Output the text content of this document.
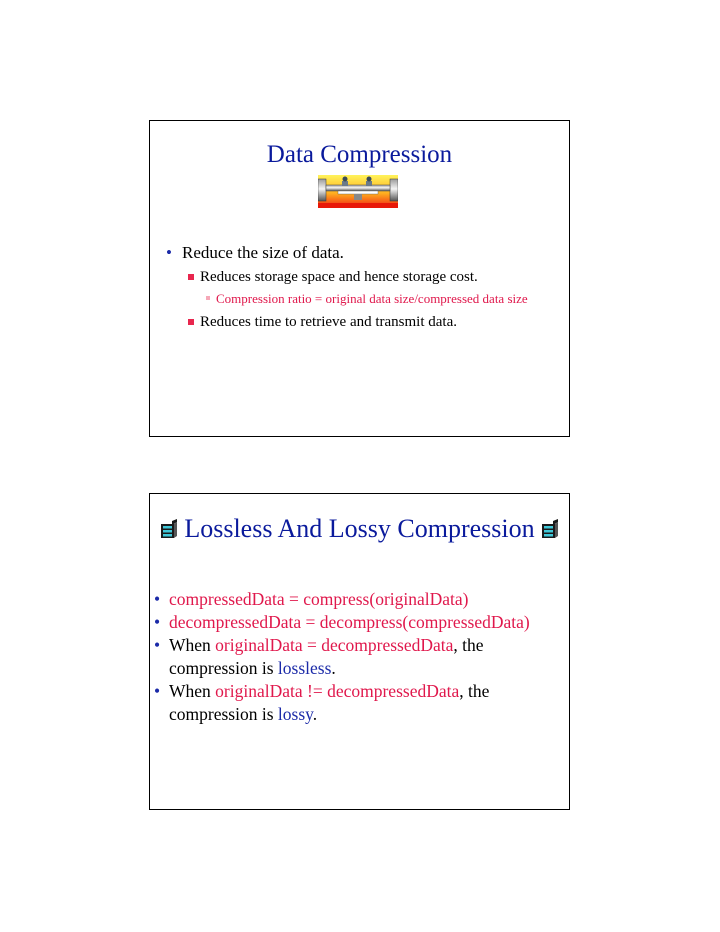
Data Compression
• Reduce the size of data.
Reduces storage space and hence storage cost.
Compression ratio = original data size/compressed data size
Reduces time to retrieve and transmit data.
Lossless And Lossy Compression
• compressedData = compress(originalData)
• decompressedData = decompress(compressedData)
• When originalData = decompressedData, the compression is lossless.
• When originalData != decompressedData, the compression is lossy.
